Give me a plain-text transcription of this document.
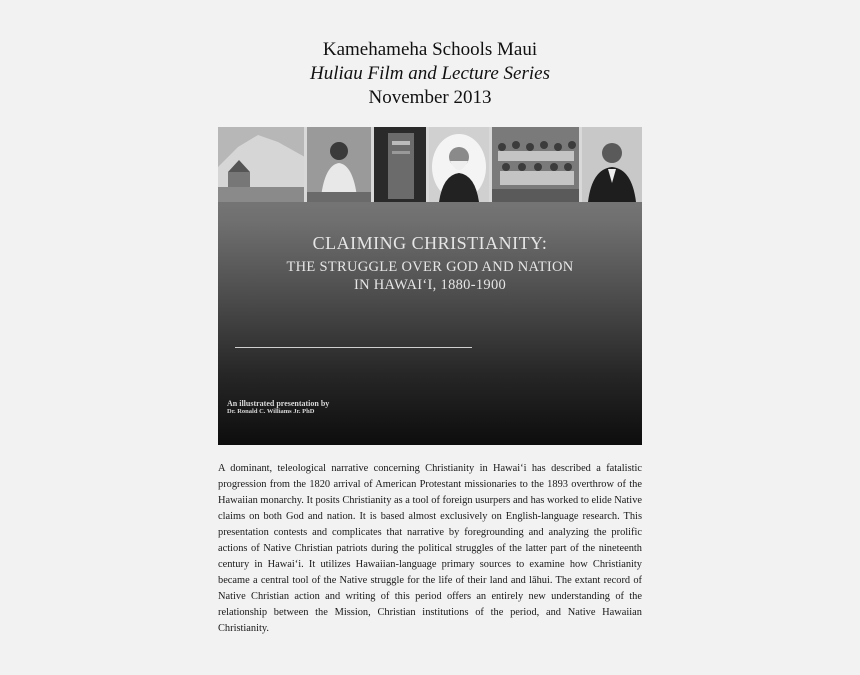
Kamehameha Schools Maui
Huliau Film and Lecture Series
November 2013
CLAIMING CHRISTIANITY:
THE STRUGGLE OVER GOD AND NATION
IN HAWAI‘I, 1880-1900
An illustrated presentation by
Dr. Ronald C. Williams Jr. PhD
A dominant, teleological narrative concerning Christianity in Hawai‘i has described a fatalistic progression from the 1820 arrival of American Protestant missionaries to the 1893 overthrow of the Hawaiian monarchy. It posits Christianity as a tool of foreign usurpers and has worked to elide Native claims on both God and nation. It is based almost exclusively on English-language research. This presentation contests and complicates that narrative by foregrounding and analyzing the prolific actions of Native Christian patriots during the political struggles of the latter part of the nineteenth century in Hawai‘i. It utilizes Hawaiian-language primary sources to examine how Christianity became a central tool of the Native struggle for the life of their land and lāhui. The extant record of Native Christian action and writing of this period offers an entirely new understanding of the relationship between the Mission, Christian institutions of the period, and Native Hawaiian Christianity.
